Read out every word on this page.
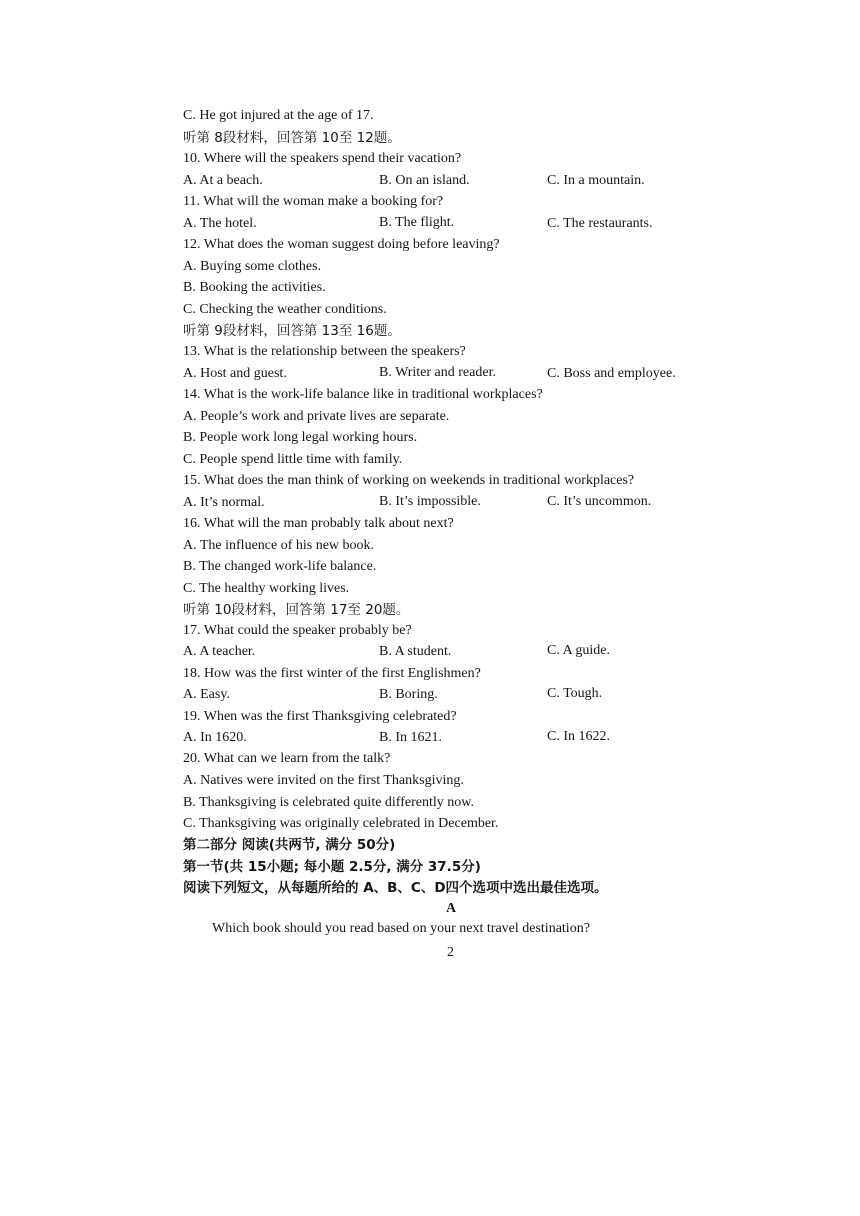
C. He got injured at the age of 17.
听第 8段材料，回答第 10至 12题。
10. Where will the speakers spend their vacation?
A. At a beach.	B. On an island.	C. In a mountain.
11. What will the woman make a booking for?
A. The hotel.	B. The flight.	C. The restaurants.
12. What does the woman suggest doing before leaving?
A. Buying some clothes.
B. Booking the activities.
C. Checking the weather conditions.
听第 9段材料，回答第 13至 16题。
13. What is the relationship between the speakers?
A. Host and guest.	B. Writer and reader.	C. Boss and employee.
14. What is the work-life balance like in traditional workplaces?
A. People’s work and private lives are separate.
B. People work long legal working hours.
C. People spend little time with family.
15. What does the man think of working on weekends in traditional workplaces?
A. It’s normal.	B. It’s impossible.	C. It’s uncommon.
16. What will the man probably talk about next?
A. The influence of his new book.
B. The changed work-life balance.
C. The healthy working lives.
听第 10段材料，回答第 17至 20题。
17. What could the speaker probably be?
A. A teacher.	B. A student.	C. A guide.
18. How was the first winter of the first Englishmen?
A. Easy.	B. Boring.	C. Tough.
19. When was the first Thanksgiving celebrated?
A. In 1620.	B. In 1621.	C. In 1622.
20. What can we learn from the talk?
A. Natives were invited on the first Thanksgiving.
B. Thanksgiving is celebrated quite differently now.
C. Thanksgiving was originally celebrated in December.
第二部分 阅读(共两节, 满分 50分)
第一节(共 15小题; 每小题 2.5分, 满分 37.5分)
阅读下列短文，从每题所给的 A、B、C、D四个选项中选出最佳选项。
A
Which book should you read based on your next travel destination?
2
